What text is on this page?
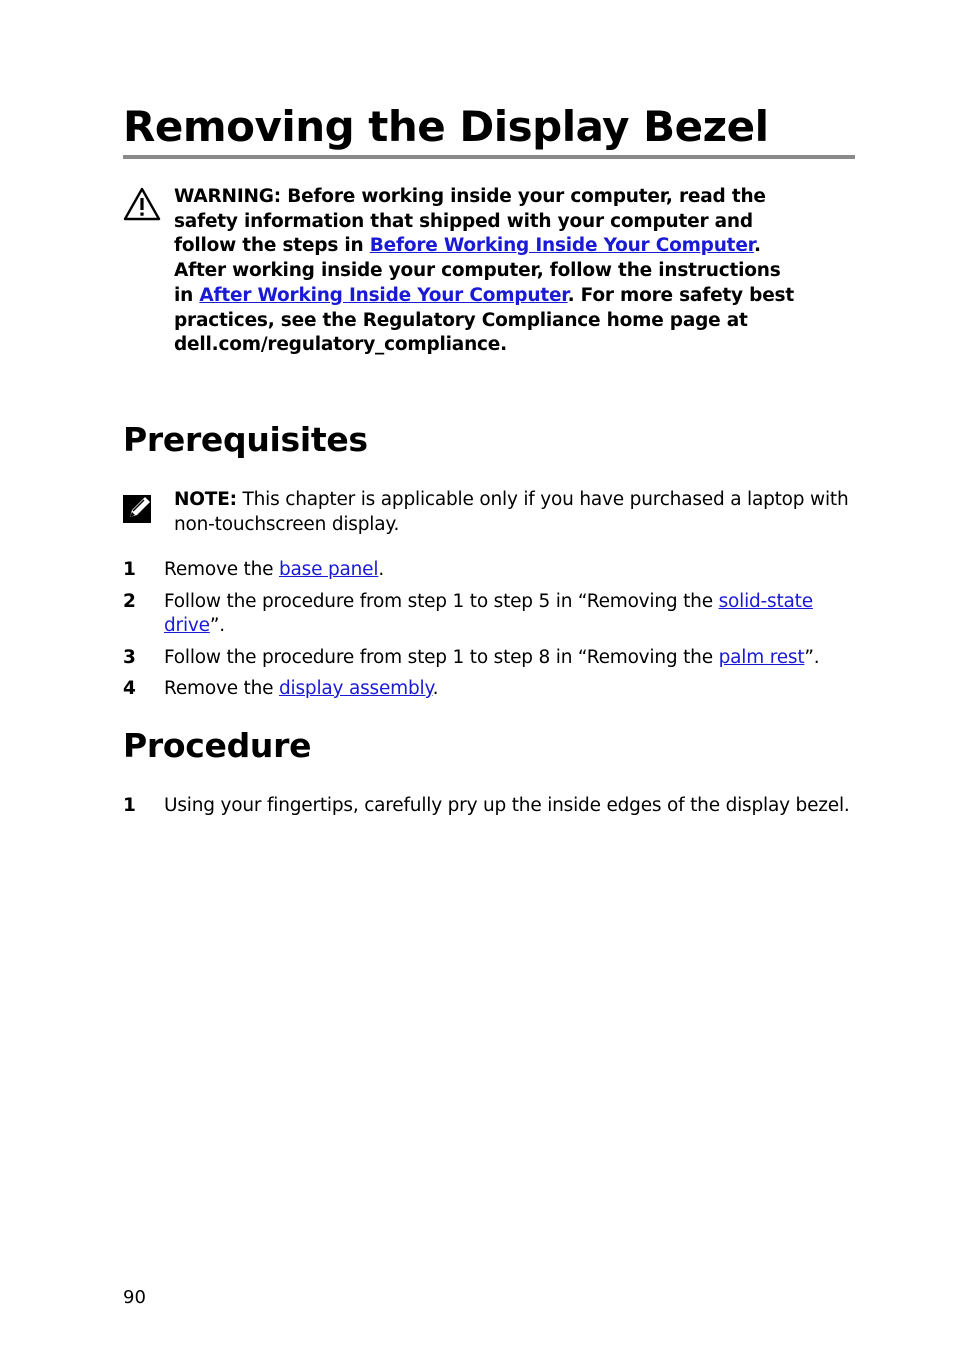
Removing the Display Bezel
WARNING: Before working inside your computer, read the
safety information that shipped with your computer and
follow the steps in Before Working Inside Your Computer.
After working inside your computer, follow the instructions
in After Working Inside Your Computer. For more safety best
practices, see the Regulatory Compliance home page at
dell.com/regulatory_compliance.
Prerequisites
NOTE: This chapter is applicable only if you have purchased a laptop with
non-touchscreen display.
1	Remove the base panel.
2	Follow the procedure from step 1 to step 5 in “Removing the solid-state
drive”.
3	Follow the procedure from step 1 to step 8 in “Removing the palm rest”.
4	Remove the display assembly.
Procedure
1	Using your fingertips, carefully pry up the inside edges of the display bezel.
90
